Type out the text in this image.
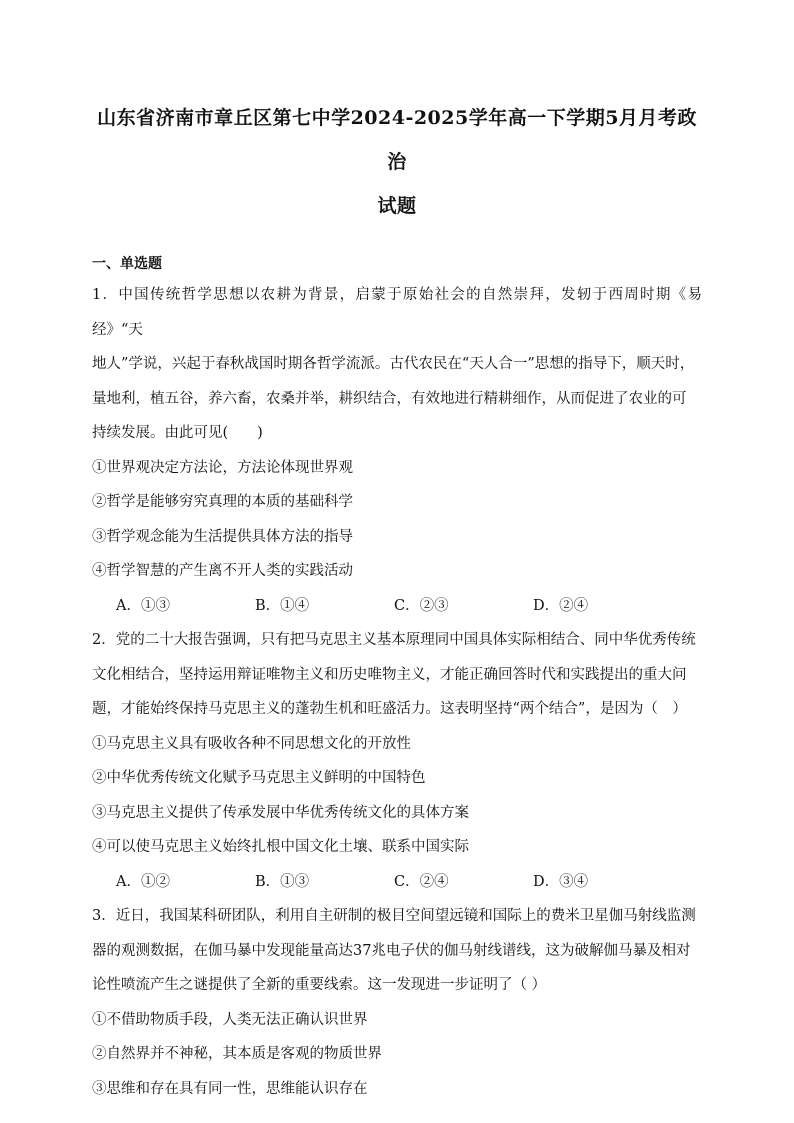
山东省济南市章丘区第七中学2024-2025学年高一下学期5月月考政治
试题
一、单选题

1．中国传统哲学思想以农耕为背景，启蒙于原始社会的自然崇拜，发轫于西周时期《易经》“天

地人”学说，兴起于春秋战国时期各哲学流派。古代农民在“天人合一”思想的指导下，顺天时，

量地利，植五谷，养六畜，农桑并举，耕织结合，有效地进行精耕细作，从而促进了农业的可

持续发展。由此可见(　　)

①世界观决定方法论，方法论体现世界观

②哲学是能够穷究真理的本质的基础科学

③哲学观念能为生活提供具体方法的指导

④哲学智慧的产生离不开人类的实践活动

A．①③	B．①④	C．②③	D．②④

2．党的二十大报告强调，只有把马克思主义基本原理同中国具体实际相结合、同中华优秀传统

文化相结合，坚持运用辩证唯物主义和历史唯物主义，才能正确回答时代和实践提出的重大问

题，才能始终保持马克思主义的蓬勃生机和旺盛活力。这表明坚持“两个结合”，是因为（　）

①马克思主义具有吸收各种不同思想文化的开放性

②中华优秀传统文化赋予马克思主义鲜明的中国特色

③马克思主义提供了传承发展中华优秀传统文化的具体方案

④可以使马克思主义始终扎根中国文化土壤、联系中国实际

A．①②	B．①③	C．②④	D．③④

3．近日，我国某科研团队，利用自主研制的极目空间望远镜和国际上的费米卫星伽马射线监测

器的观测数据，在伽马暴中发现能量高达37兆电子伏的伽马射线谱线，这为破解伽马暴及相对

论性喷流产生之谜提供了全新的重要线索。这一发现进一步证明了（ ）

①不借助物质手段，人类无法正确认识世界

②自然界并不神秘，其本质是客观的物质世界

③思维和存在具有同一性，思维能认识存在
